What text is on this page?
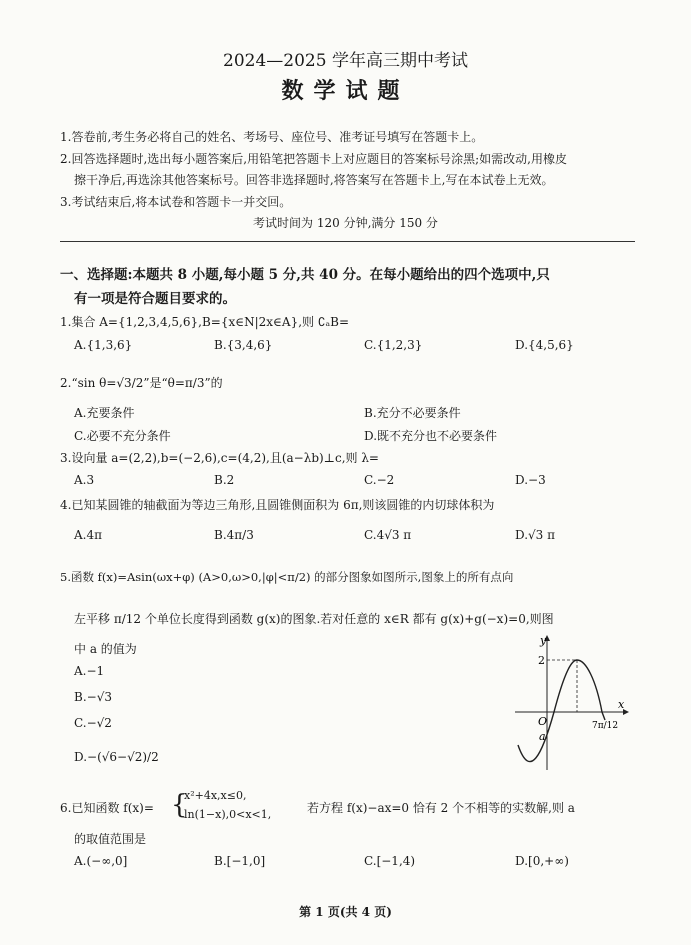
2024—2025 学年高三期中考试
数学试题
1.答卷前,考生务必将自己的姓名、考场号、座位号、准考证号填写在答题卡上。
2.回答选择题时,选出每小题答案后,用铅笔把答题卡上对应题目的答案标号涂黑;如需改动,用橡皮
擦干净后,再选涂其他答案标号。回答非选择题时,将答案写在答题卡上,写在本试卷上无效。
3.考试结束后,将本试卷和答题卡一并交回。
考试时间为 120 分钟,满分 150 分
一、选择题:本题共 8 小题,每小题 5 分,共 40 分。在每小题给出的四个选项中,只
有一项是符合题目要求的。
1.集合 A={1,2,3,4,5,6},B={x∈N|2x∈A},则 ∁ₐB=
A.{1,3,6}	B.{3,4,6}	C.{1,2,3}	D.{4,5,6}
2.“sin θ=√3/2”是“θ=π/3”的
A.充要条件	B.充分不必要条件
C.必要不充分条件	D.既不充分也不必要条件
3.设向量 a=(2,2),b=(−2,6),c=(4,2),且(a−λb)⊥c,则 λ=
A.3	B.2	C.−2	D.−3
4.已知某圆锥的轴截面为等边三角形,且圆锥侧面积为 6π,则该圆锥的内切球体积为
A.4π	B.4π/3	C.4√3 π	D.√3 π
5.函数 f(x)=Asin(ωx+φ) (A>0,ω>0,|φ|<π/2) 的部分图象如图所示,图象上的所有点向
左平移 π/12 个单位长度得到函数 g(x)的图象.若对任意的 x∈R 都有 g(x)+g(−x)=0,则图
中 a 的值为
A.−1
B.−√3
C.−√2
D.−(√6−√2)/2
y
x
O
2
a
7π/12
6.已知函数 f(x)= {
x²+4x,x≤0,
ln(1−x),0<x<1,	若方程 f(x)−ax=0 恰有 2 个不相等的实数解,则 a
的取值范围是
A.(−∞,0]	B.[−1,0]	C.[−1,4)	D.[0,+∞)
第 1 页(共 4 页)
